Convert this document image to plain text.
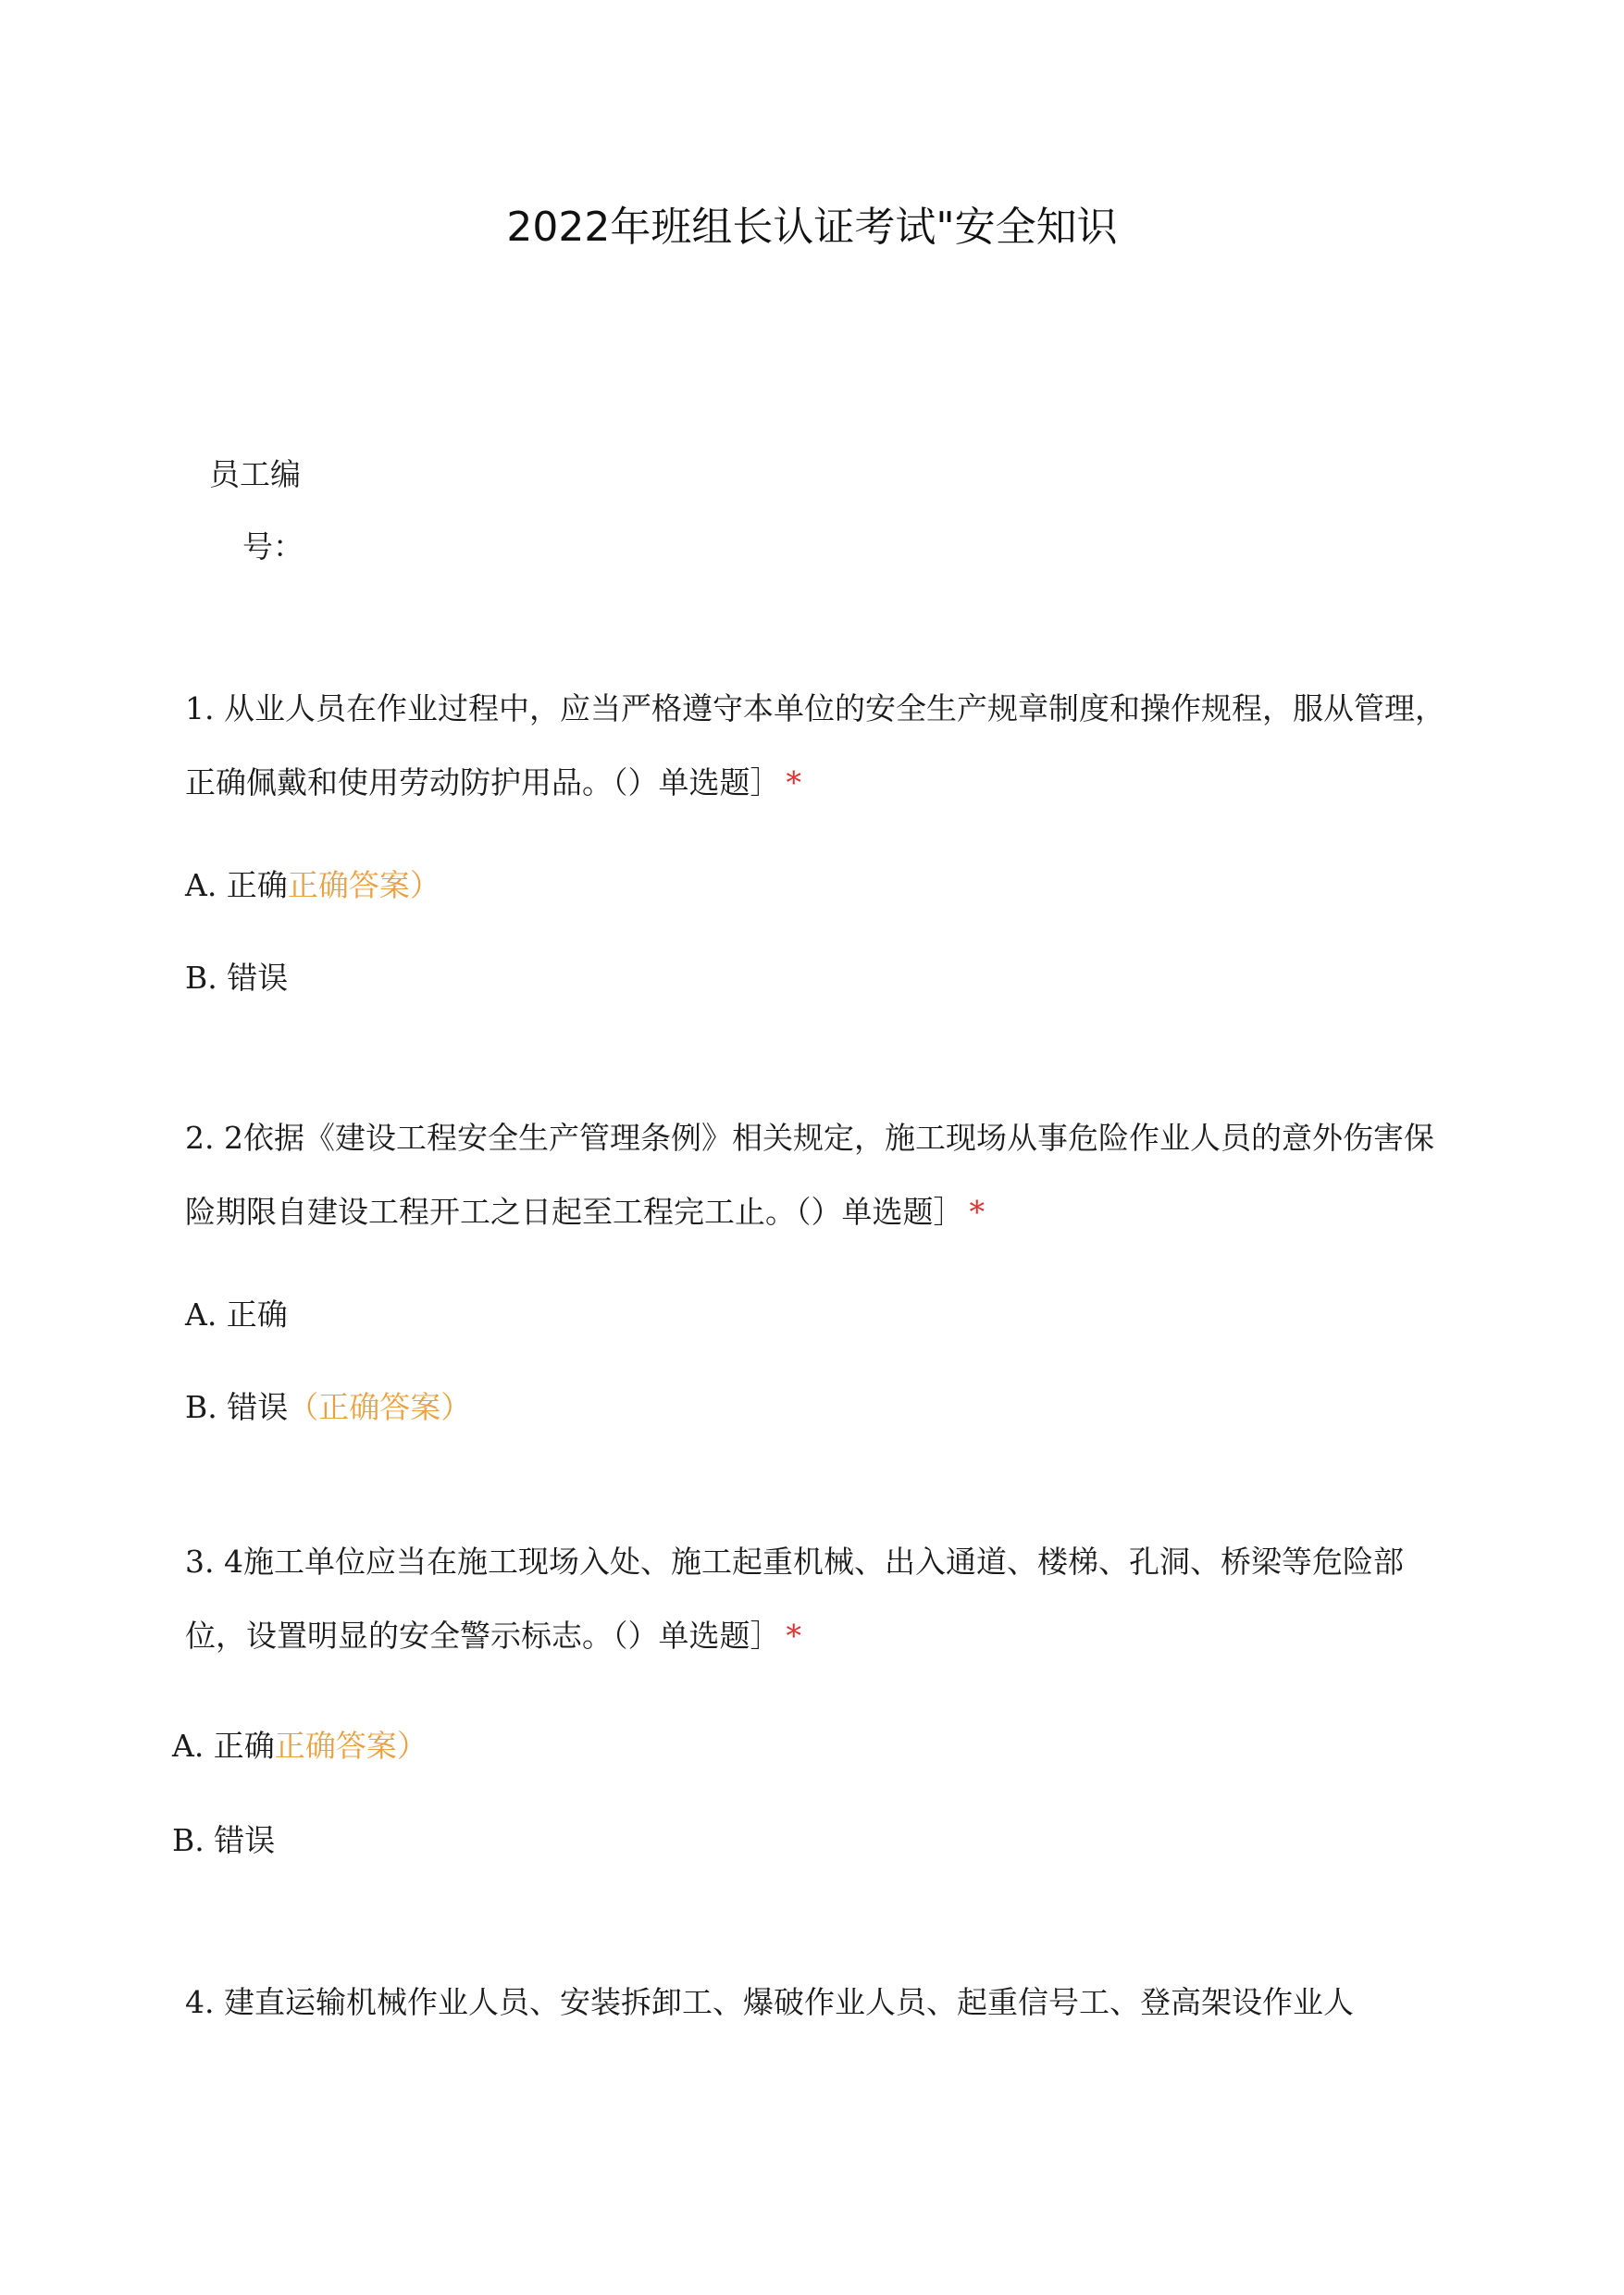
2022年班组长认证考试"安全知识
员工编
号：
1. 从业人员在作业过程中，应当严格遵守本单位的安全生产规章制度和操作规程，服从管理，正确佩戴和使用劳动防护用品。（）单选题］ *
A. 正确正确答案）
B. 错误
2. 2依据《建设工程安全生产管理条例》相关规定，施工现场从事危险作业人员的意外伤害保险期限自建设工程开工之日起至工程完工止。（）单选题］ *
A. 正确
B. 错误（正确答案）
3. 4施工单位应当在施工现场入处、施工起重机械、出入通道、楼梯、孔洞、桥梁等危险部位，设置明显的安全警示标志。（）单选题］ *
A. 正确正确答案）
B. 错误
4. 建直运输机械作业人员、安装拆卸工、爆破作业人员、起重信号工、登高架设作业人
